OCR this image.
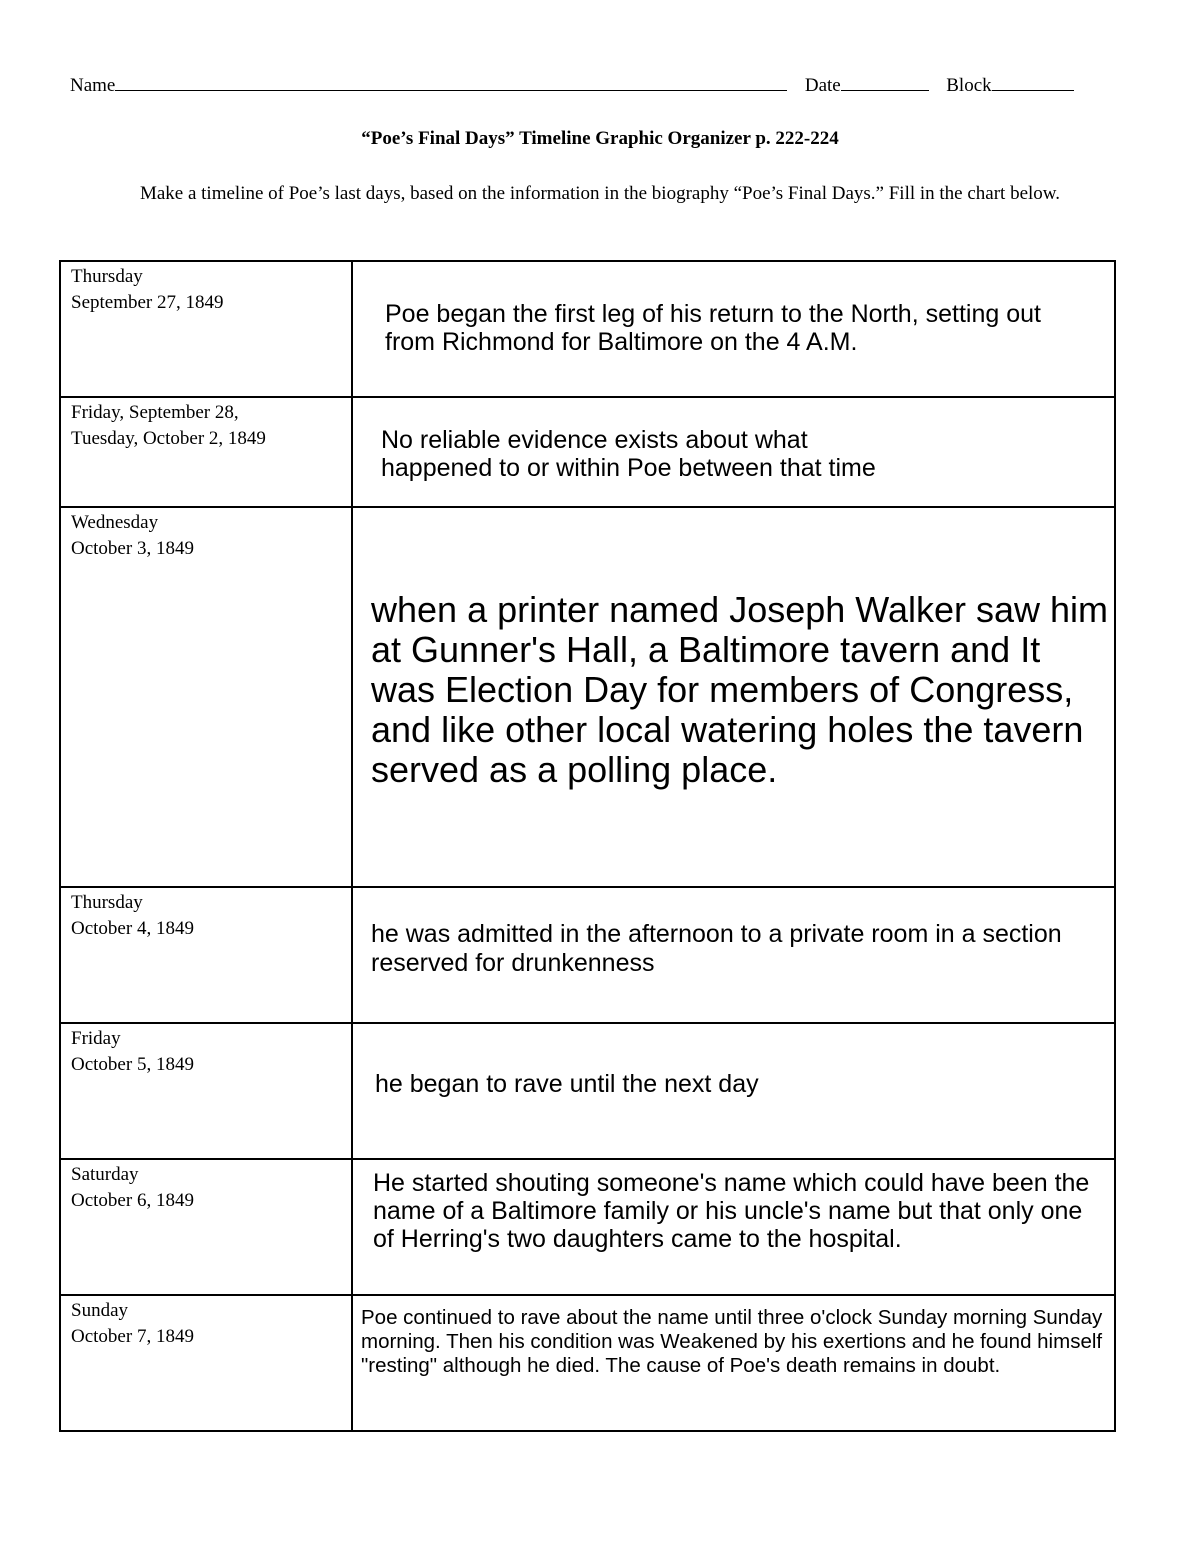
Name	Date	Block
“Poe’s Final Days” Timeline Graphic Organizer p. 222-224
Make a timeline of Poe’s last days, based on the information in the biography “Poe’s Final Days.” Fill in the chart below.
Thursday
September 27, 1849	Poe began the first leg of his return to the North, setting out from Richmond for Baltimore on the 4 A.M.

Friday, September 28,
Tuesday, October 2, 1849	No reliable evidence exists about what happened to or within Poe between that time

Wednesday
October 3, 1849	when a printer named Joseph Walker saw him at Gunner's Hall, a Baltimore tavern and It was Election Day for members of Congress, and like other local watering holes the tavern served as a polling place.

Thursday
October 4, 1849	he was admitted in the afternoon to a private room in a section reserved for drunkenness

Friday
October 5, 1849	he began to rave until the next day

Saturday
October 6, 1849	He started shouting someone's name which could have been the name of a Baltimore family or his uncle's name but that only one of Herring's two daughters came to the hospital.

Sunday
October 7, 1849	Poe continued to rave about the name until three o'clock Sunday morning Sunday morning. Then his condition was Weakened by his exertions and he found himself "resting" although he died. The cause of Poe's death remains in doubt.
